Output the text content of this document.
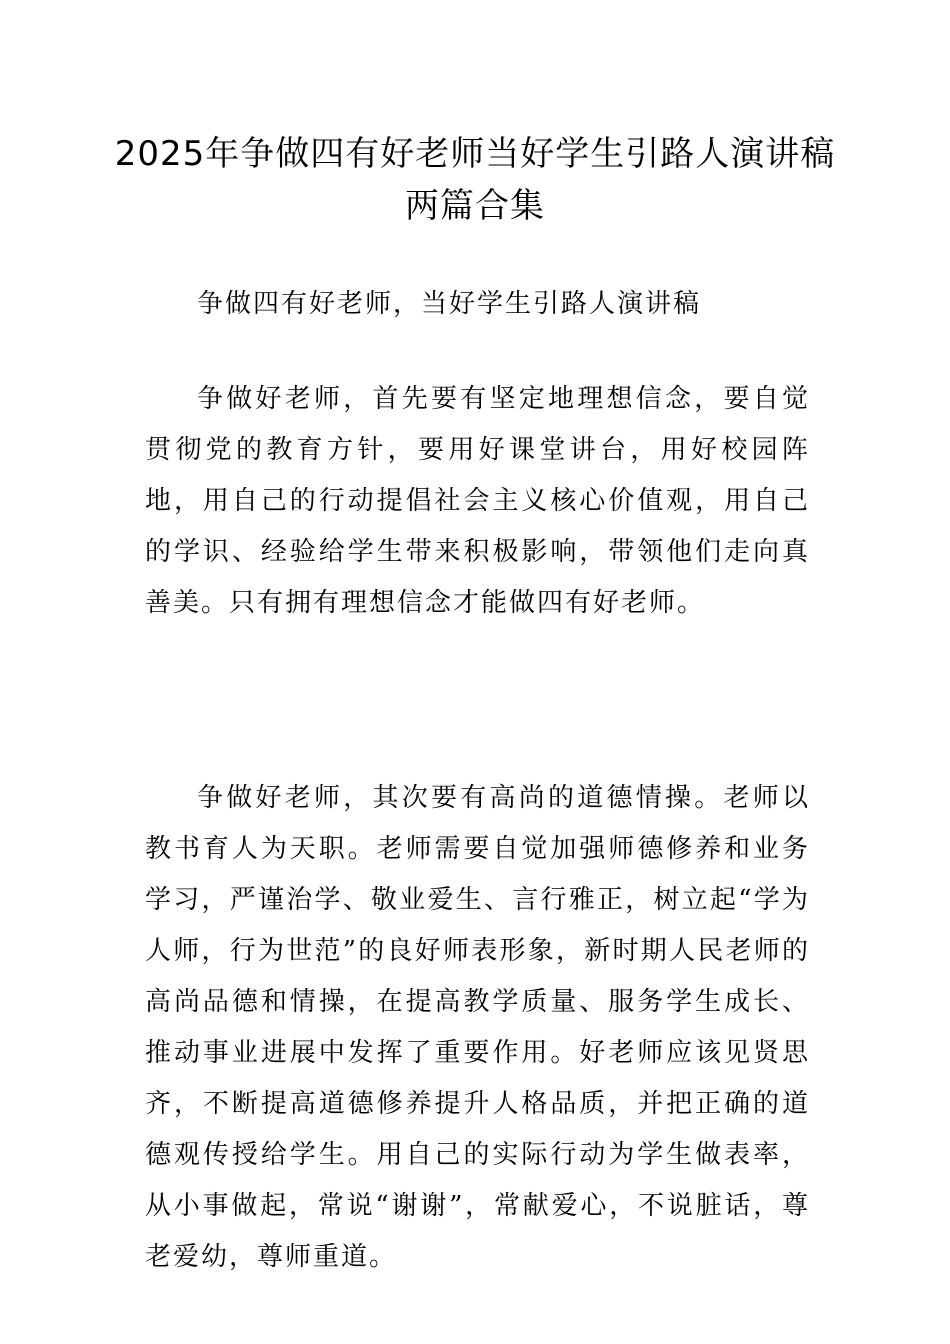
2025年争做四有好老师当好学生引路人演讲稿两篇合集

争做四有好老师，当好学生引路人演讲稿

争做好老师，首先要有坚定地理想信念，要自觉贯彻党的教育方针，要用好课堂讲台，用好校园阵地，用自己的行动提倡社会主义核心价值观，用自己的学识、经验给学生带来积极影响，带领他们走向真善美。只有拥有理想信念才能做四有好老师。

争做好老师，其次要有高尚的道德情操。老师以教书育人为天职。老师需要自觉加强师德修养和业务学习，严谨治学、敬业爱生、言行雅正，树立起“学为人师，行为世范”的良好师表形象，新时期人民老师的高尚品德和情操，在提高教学质量、服务学生成长、推动事业进展中发挥了重要作用。好老师应该见贤思齐，不断提高道德修养提升人格品质，并把正确的道德观传授给学生。用自己的实际行动为学生做表率，从小事做起，常说“谢谢”，常献爱心，不说脏话，尊老爱幼，尊师重道。
